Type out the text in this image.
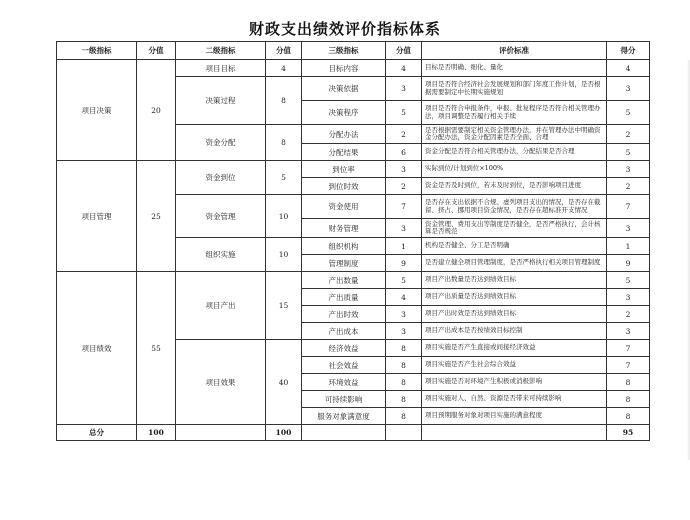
财政支出绩效评价指标体系
一级指标	分值	二级指标	分值	三级指标	分值	评价标准	得分
项目决策	20	项目目标	4	目标内容	4	目标是否明确、细化、量化	4
		决策过程	8	决策依据	3	项目是否符合经济社会发展规划和部门年度工作计划，是否根据需要制定中长期实施规划	3
				决策程序	5	项目是否符合申报条件，申报、批复程序是否符合相关管理办法，项目调整是否履行相关手续	5
		资金分配	8	分配办法	2	是否根据需要制定相关资金管理办法，并在管理办法中明确资金分配办法，资金分配因素是否全面、合理	2
				分配结果	6	资金分配是否符合相关管理办法，分配结果是否合理	5
项目管理	25	资金到位	5	到位率	3	实际到位/计划到位×100%	3
				到位时效	2	资金是否及时到位，若未及时到位，是否影响项目进度	2
		资金管理	10	资金使用	7	是否存在支出依据不合规、虚列项目支出的情况，是否存在截留、挤占、挪用项目资金情况，是否存在超标准开支情况	7
				财务管理	3	资金管理、费用支出等制度是否健全，是否严格执行，会计核算是否规范	3
		组织实施	10	组织机构	1	机构是否健全、分工是否明确	1
				管理制度	9	是否建立健全项目管理制度，是否严格执行相关项目管理制度	9
项目绩效	55	项目产出	15	产出数量	5	项目产出数量是否达到绩效目标	5
				产出质量	4	项目产出质量是否达到绩效目标	3
				产出时效	3	项目产出时效是否达到绩效目标	2
				产出成本	3	项目产出成本是否按绩效目标控制	3
		项目效果	40	经济效益	8	项目实施是否产生直接或间接经济效益	7
				社会效益	8	项目实施是否产生社会综合效益	7
				环境效益	8	项目实施是否对环境产生积极或消极影响	8
				可持续影响	8	项目实施对人、自然、资源是否带来可持续影响	8
				服务对象满意度	8	项目预期服务对象对项目实施的满意程度	8
总分	100		100				95
